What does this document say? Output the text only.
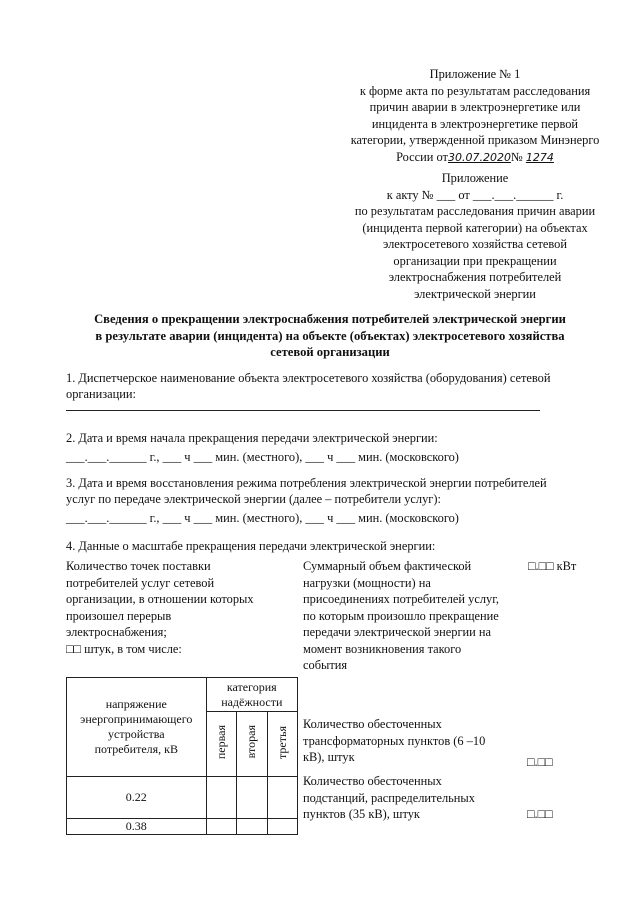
Приложение № 1
к форме акта по результатам расследования
причин аварии в электроэнергетике или
инцидента в электроэнергетике первой
категории, утвержденной приказом Минэнерго
России от30.07.2020№ 1274
Приложение
к акту № ___ от ___.___.______ г.
по результатам расследования причин аварии
(инцидента первой категории) на объектах
электросетевого хозяйства сетевой
организации при прекращении
электроснабжения потребителей
электрической энергии
Сведения о прекращении электроснабжения потребителей электрической энергии
в результате аварии (инцидента) на объекте (объектах) электросетевого хозяйства
сетевой организации
1. Диспетчерское наименование объекта электросетевого хозяйства (оборудования) сетевой
организации:
2. Дата и время начала прекращения передачи электрической энергии:
___.___.______ г., ___ ч ___ мин. (местного), ___ ч ___ мин. (московского)
3. Дата и время восстановления режима потребления электрической энергии потребителей
услуг по передаче электрической энергии (далее – потребители услуг):
___.___.______ г., ___ ч ___ мин. (местного), ___ ч ___ мин. (московского)
4. Данные о масштабе прекращения передачи электрической энергии:
Количество точек поставки
потребителей услуг сетевой
организации, в отношении которых
произошел перерыв
электроснабжения;
□□ штук, в том числе:
Суммарный объем фактической
нагрузки (мощности) на
присоединениях потребителей услуг,
по которым произошло прекращение
передачи электрической энергии на
момент возникновения такого
события
□.□□ кВт
напряжение
энергопринимающего
устройства
потребителя, кВ	категория
надёжности		

	первая	вторая	третья
0.22			
0.38			
Количество обесточенных
трансформаторных пунктов (6 –10
кВ), штук	□.□□
Количество обесточенных
подстанций, распределительных
пунктов (35 кВ), штук	□.□□
